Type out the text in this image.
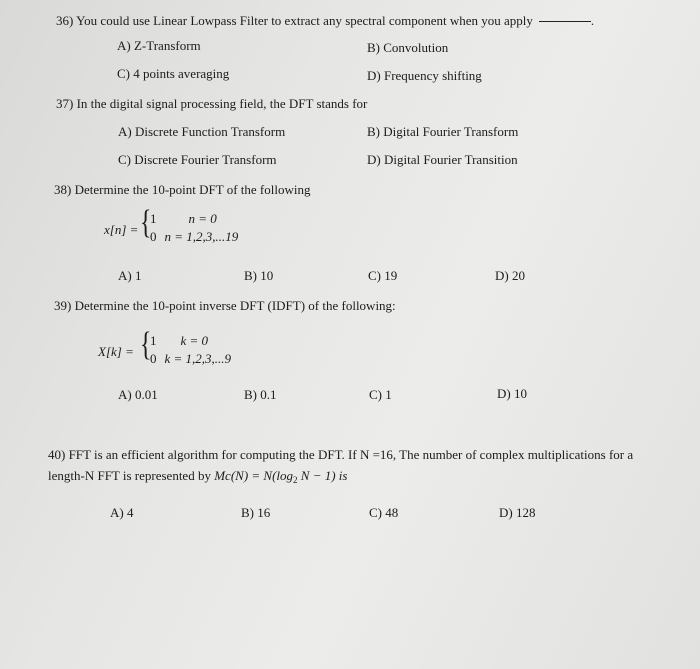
36) You could use Linear Lowpass Filter to extract any spectral component when you apply	.
A) Z-Transform	B) Convolution
C) 4 points averaging	D) Frequency shifting
37) In the digital signal processing field, the DFT stands for
A) Discrete Function Transform	B) Digital Fourier Transform
C) Discrete Fourier Transform	D) Digital Fourier Transition
38) Determine the 10-point DFT of the following
x[n] = {
1 n = 0
0 n = 1,2,3,...19
A) 1	B) 10	C) 19	D) 20
39) Determine the 10-point inverse DFT (IDFT) of the following:
X[k] = {
1 k = 0
0 k = 1,2,3,...9
A) 0.01	B) 0.1	C) 1	D) 10
40) FFT is an efficient algorithm for computing the DFT. If N =16, The number of complex multiplications for a
length-N FFT is represented by $Mc(N) = N(\log_2$ N − 1) is
A) 4	B) 16	C) 48	D) 128
